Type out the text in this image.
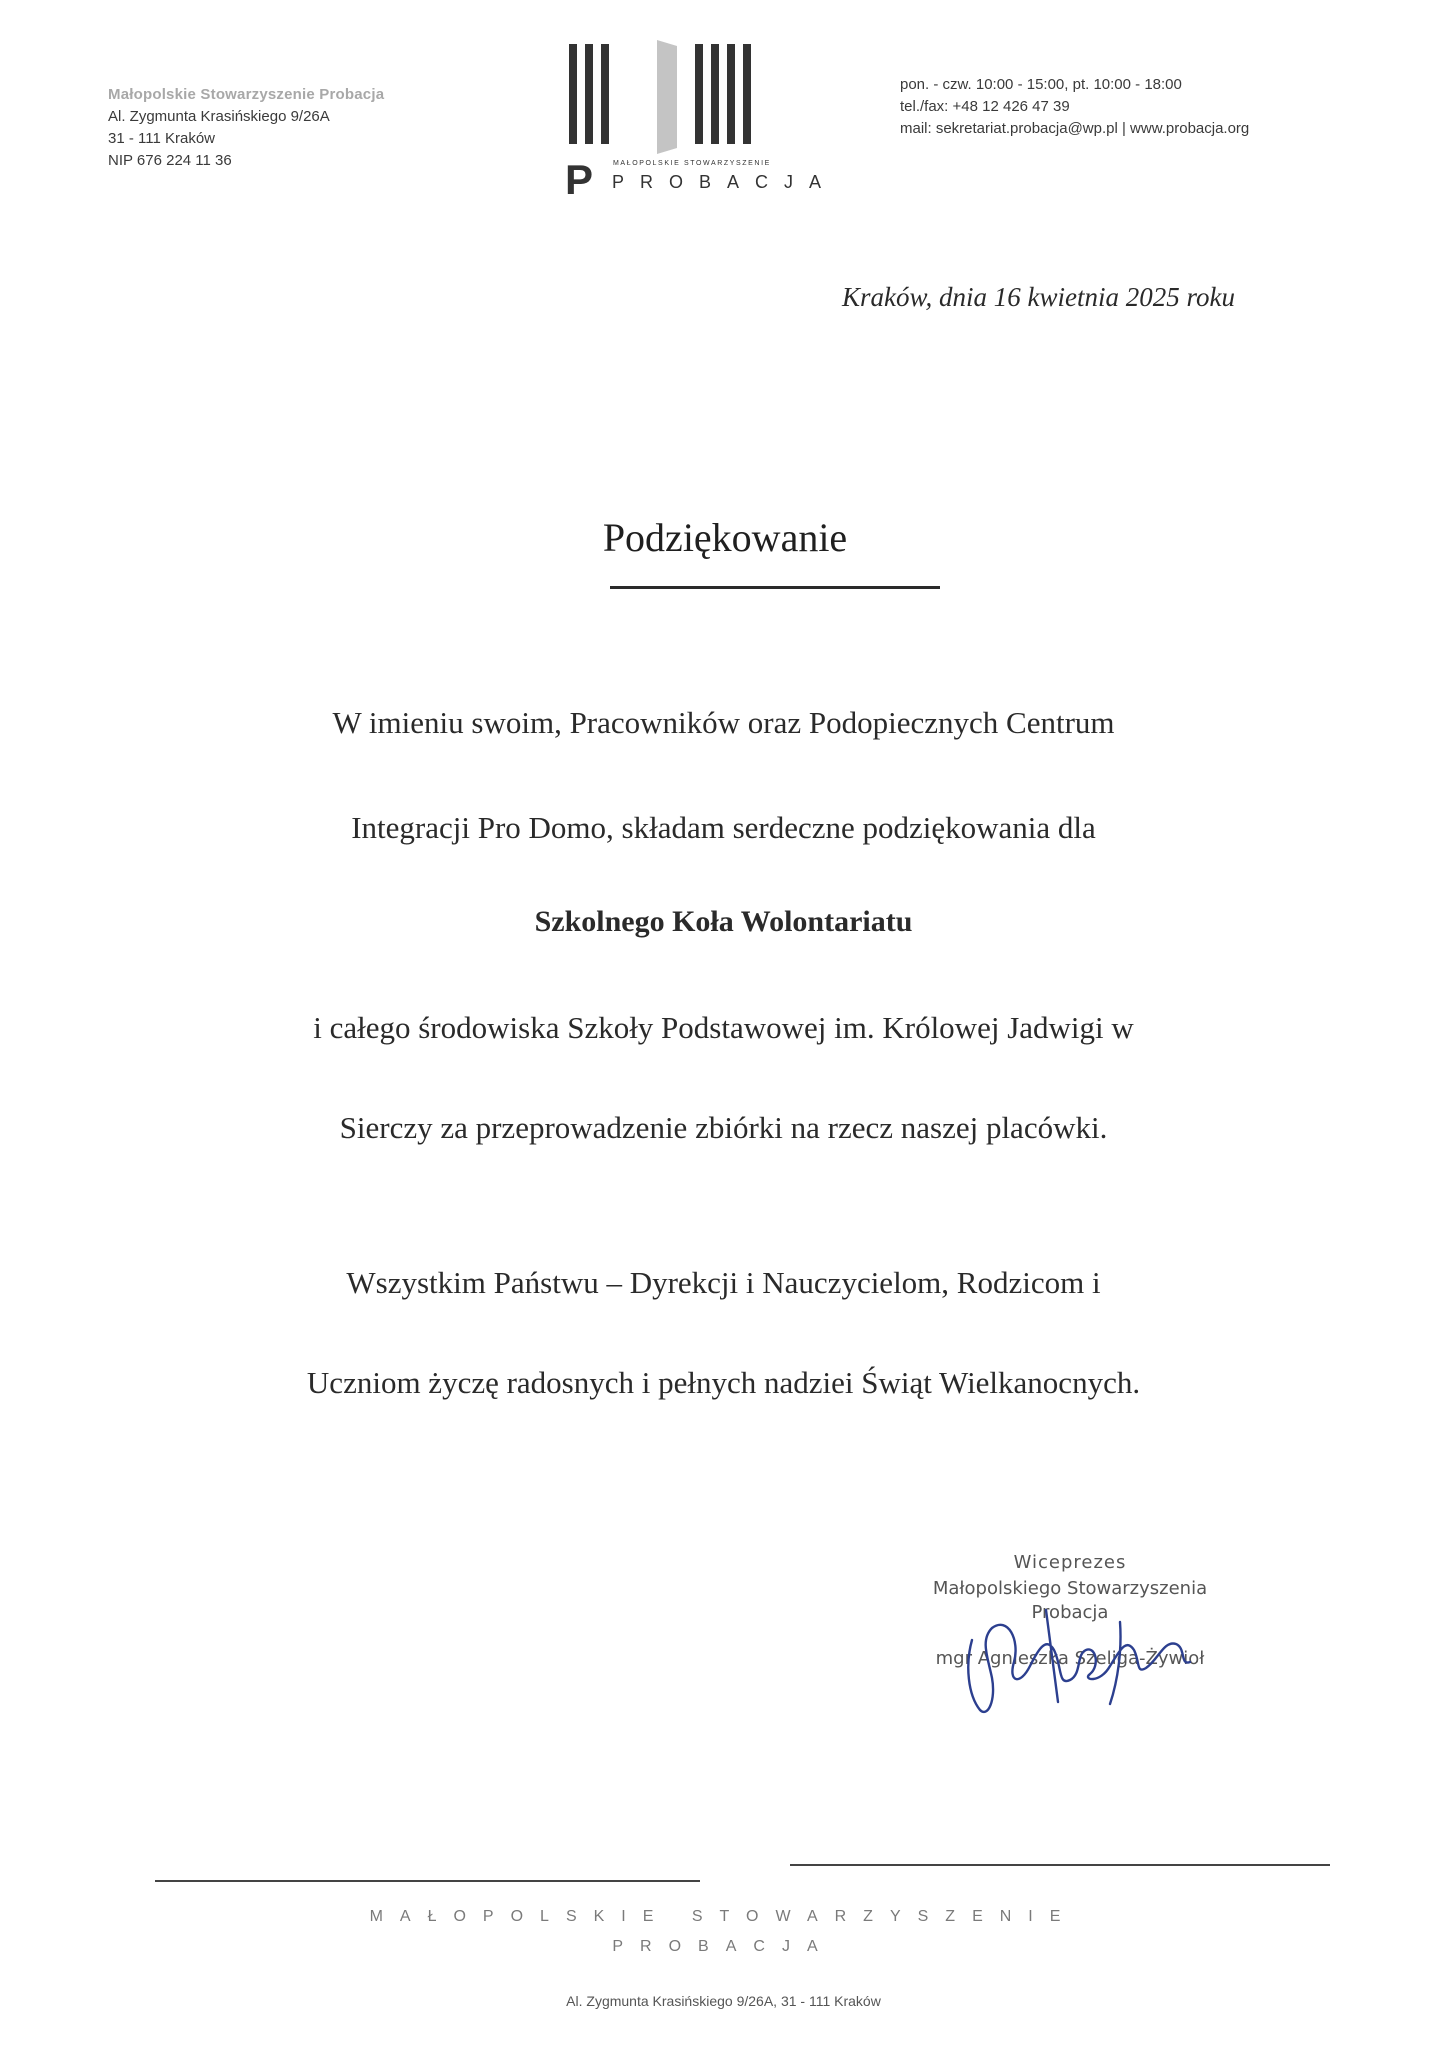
Małopolskie Stowarzyszenie Probacja
Al. Zygmunta Krasińskiego 9/26A
31 - 111 Kraków
NIP 676 224 11 36	P	MAŁOPOLSKIE STOWARZYSZENIE
PROBACJA
pon. - czw. 10:00 - 15:00, pt. 10:00 - 18:00
tel./fax: +48 12 426 47 39
mail: sekretariat.probacja@wp.pl | www.probacja.org
Kraków, dnia 16 kwietnia 2025 roku
Podziękowanie
W imieniu swoim, Pracowników oraz Podopiecznych Centrum
Integracji Pro Domo, składam serdeczne podziękowania dla
Szkolnego Koła Wolontariatu
i całego środowiska Szkoły Podstawowej im. Królowej Jadwigi w
Sierczy za przeprowadzenie zbiórki na rzecz naszej placówki.
Wszystkim Państwu – Dyrekcji i Nauczycielom, Rodzicom i
Uczniom życzę radosnych i pełnych nadziei Świąt Wielkanocnych.
Wiceprezes
Małopolskiego Stowarzyszenia
Probacja
mgr Agnieszka Szeliga-Żywioł
MAŁOPOLSKIE STOWARZYSZENIE
PROBACJA
Al. Zygmunta Krasińskiego 9/26A, 31 - 111 Kraków
